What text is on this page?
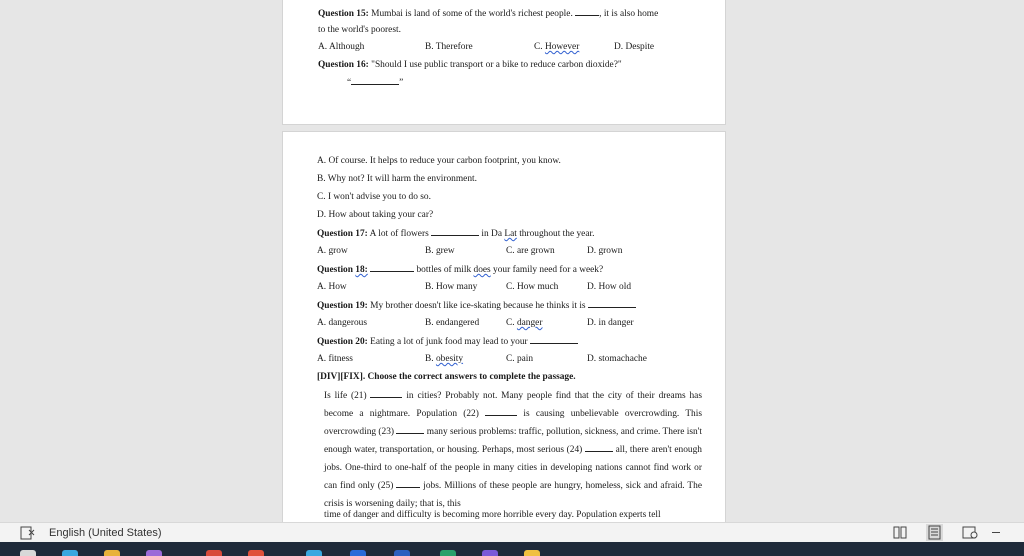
Question 15: Mumbai is land of some of the world's richest people.	, it is also home
to the world's poorest.
A. Although	B. Therefore	C. However	D. Despite
Question 16: "Should I use public transport or a bike to reduce carbon dioxide?"
“	”
A. Of course. It helps to reduce your carbon footprint, you know.
B. Why not? It will harm the environment.
C. I won't advise you to do so.
D. How about taking your car?
Question 17: A lot of flowers	in Da Lat throughout the year.
A. grow	B. grew	C. are grown	D. grown
Question 18:	bottles of milk does your family need for a week?
A. How	B. How many	C. How much	D. How old
Question 19: My brother doesn't like ice-skating because he thinks it is
A. dangerous	B. endangered	C. danger	D. in danger
Question 20: Eating a lot of junk food may lead to your
A. fitness	B. obesity	C. pain	D. stomachache
[DIV][FIX]. Choose the correct answers to complete the passage.
Is life (21)	in cities? Probably not. Many people find that the city of their dreams has become a nightmare. Population (22)	is causing unbelievable overcrowding. This overcrowding (23)	many serious problems: traffic, pollution, sickness, and crime. There isn't enough water, transportation, or housing. Perhaps, most serious (24)	all, there aren't enough jobs. One-third to one-half of the people in many cities in developing nations cannot find work or can find only (25)	jobs. Millions of these people are hungry, homeless, sick and afraid. The crisis is worsening daily; that is, this
time of danger and difficulty is becoming more horrible every day. Population experts tell
English (United States)
